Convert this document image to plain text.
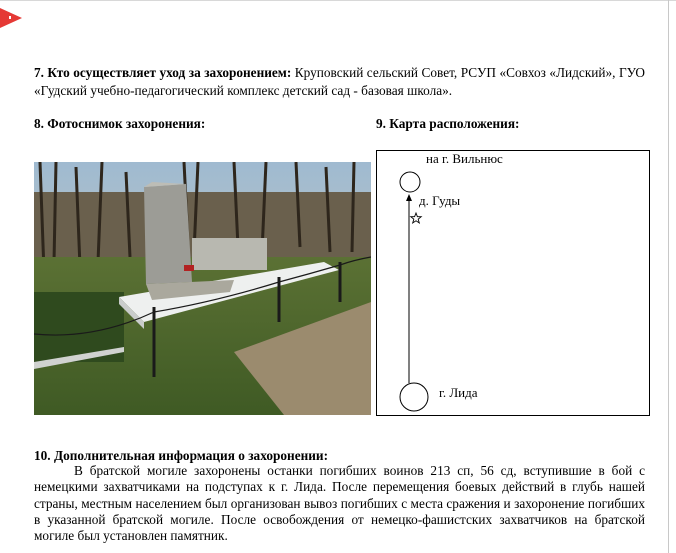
7. Кто осуществляет уход за захоронением: Круповский сельский Совет, РСУП «Совхоз «Лидский», ГУО «Гудский учебно-педагогический комплекс детский сад - базовая школа».
8. Фотоснимок захоронения:	9. Карта расположения:
на г. Вильнюс
д. Гуды
г. Лида
10. Дополнительная информация о захоронении:

В братской могиле захоронены останки погибших воинов 213 сп, 56 сд, вступившие в бой с немецкими захватчиками на подступах к г. Лида. После перемещения боевых действий в глубь нашей страны, местным населением был организован вывоз погибших с места сражения и захоронение погибших в указанной братской могиле. После освобождения от немецко-фашистских захватчиков на братской могиле был установлен памятник.
